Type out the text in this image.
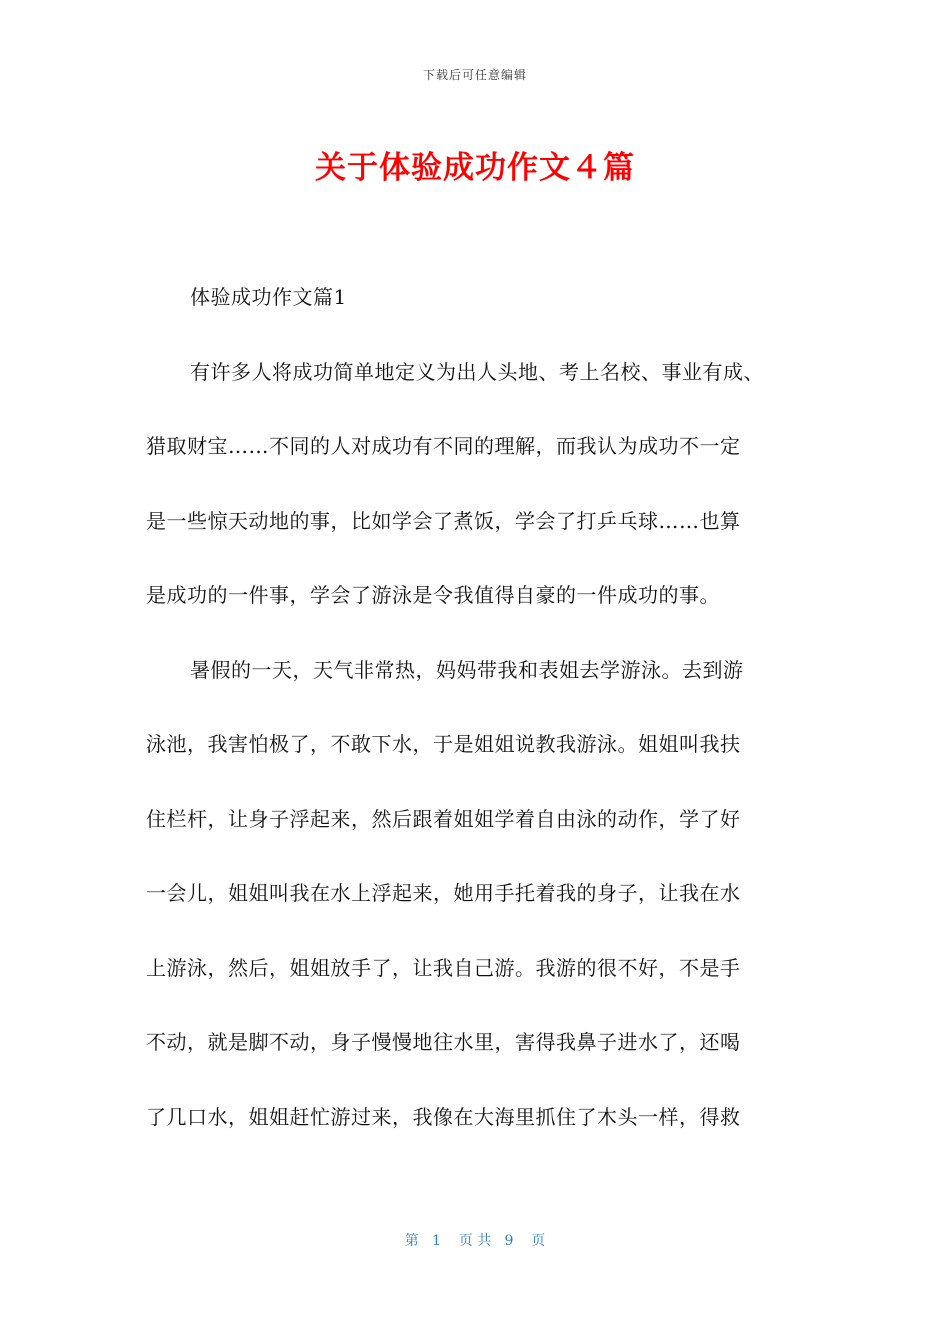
下载后可任意编辑
关于体验成功作文４篇
体验成功作文篇1
有许多人将成功简单地定义为出人头地、考上名校、事业有成、
猎取财宝……不同的人对成功有不同的理解，而我认为成功不一定
是一些惊天动地的事，比如学会了煮饭，学会了打乒乓球……也算
是成功的一件事，学会了游泳是令我值得自豪的一件成功的事。
暑假的一天，天气非常热，妈妈带我和表姐去学游泳。去到游
泳池，我害怕极了，不敢下水，于是姐姐说教我游泳。姐姐叫我扶
住栏杆，让身子浮起来，然后跟着姐姐学着自由泳的动作，学了好
一会儿，姐姐叫我在水上浮起来，她用手托着我的身子，让我在水
上游泳，然后，姐姐放手了，让我自己游。我游的很不好，不是手
不动，就是脚不动，身子慢慢地往水里，害得我鼻子进水了，还喝
了几口水，姐姐赶忙游过来，我像在大海里抓住了木头一样，得救
第   1    页 共   9    页
